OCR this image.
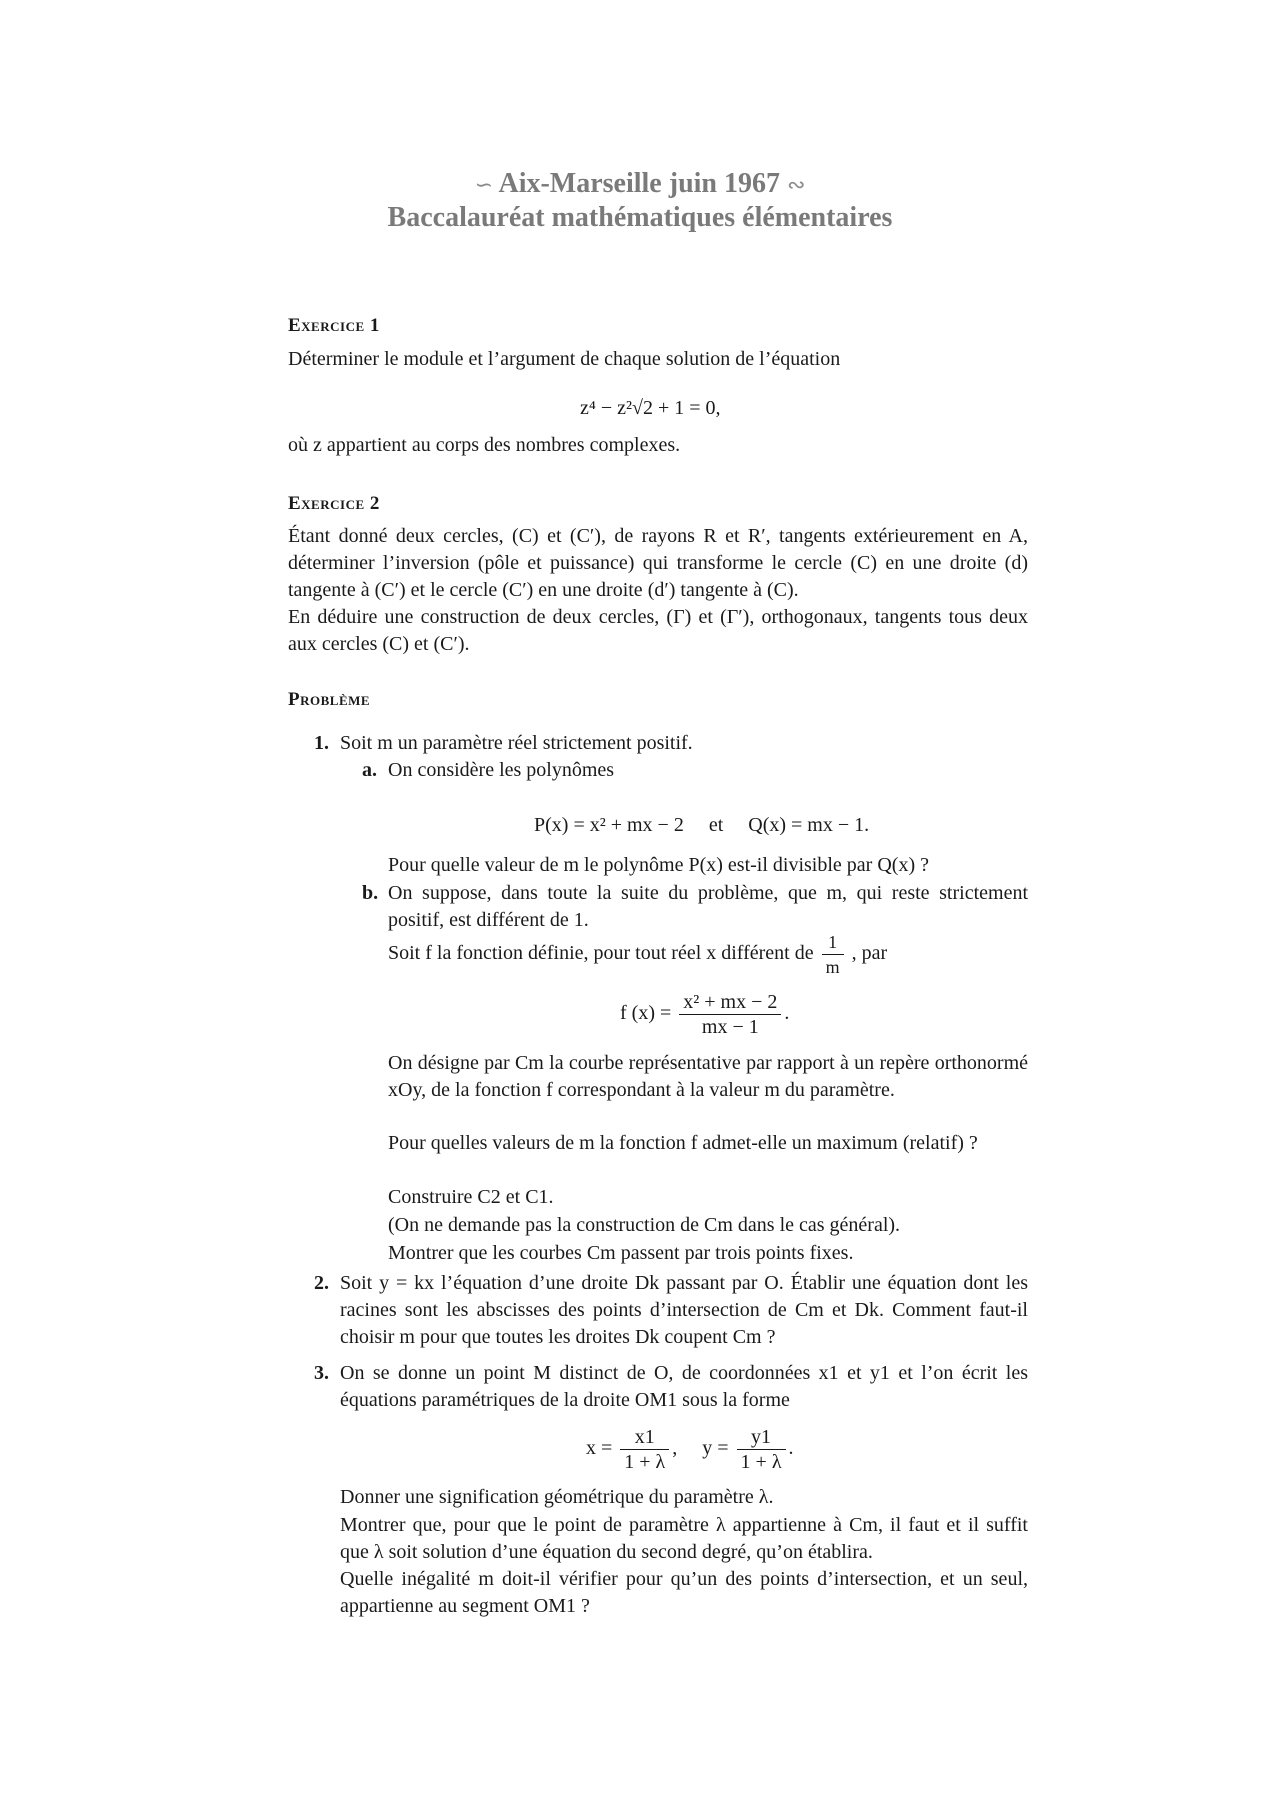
∽ Aix-Marseille juin 1967 ∾
Baccalauréat mathématiques élémentaires
Exercice 1
Déterminer le module et l’argument de chaque solution de l’équation
z⁴ − z²√2 + 1 = 0,
où z appartient au corps des nombres complexes.
Exercice 2
Étant donné deux cercles, (C) et (C′), de rayons R et R′, tangents extérieurement en A, déterminer l’inversion (pôle et puissance) qui transforme le cercle (C) en une droite (d) tangente à (C′) et le cercle (C′) en une droite (d′) tangente à (C).
En déduire une construction de deux cercles, (Γ) et (Γ′), orthogonaux, tangents tous deux aux cercles (C) et (C′).
Problème
1. Soit m un paramètre réel strictement positif.
a. On considère les polynômes
P(x) = x² + mx − 2     et     Q(x) = mx − 1.
Pour quelle valeur de m le polynôme P(x) est-il divisible par Q(x) ?
b. On suppose, dans toute la suite du problème, que m, qui reste strictement positif, est différent de 1.
Soit f la fonction définie, pour tout réel x différent de $\frac{1}{m}$ , par
f $(x) = \frac{\text{x² + mx − 2}}{mx - 1}$ .
On désigne par Cm la courbe représentative par rapport à un repère orthonormé xOy, de la fonction f correspondant à la valeur m du paramètre.
Pour quelles valeurs de m la fonction f admet-elle un maximum (relatif) ?
Construire C2 et C1.
(On ne demande pas la construction de Cm dans le cas général).
Montrer que les courbes Cm passent par trois points fixes.
2. Soit y = kx l’équation d’une droite Dk passant par O. Établir une équation dont les racines sont les abscisses des points d’intersection de Cm et Dk. Comment faut-il choisir m pour que toutes les droites Dk coupent Cm ?
3. On se donne un point M distinct de O, de coordonnées x1 et y1 et l’on écrit les équations paramétriques de la droite OM1 sous la forme
$x = \frac{x1}{1 + \lambda}$ , $y = \frac{y1}{1 + \lambda}$ .
Donner une signification géométrique du paramètre λ.
Montrer que, pour que le point de paramètre λ appartienne à Cm, il faut et il suffit que λ soit solution d’une équation du second degré, qu’on établira.
Quelle inégalité m doit-il vérifier pour qu’un des points d’intersection, et un seul, appartienne au segment OM1 ?
